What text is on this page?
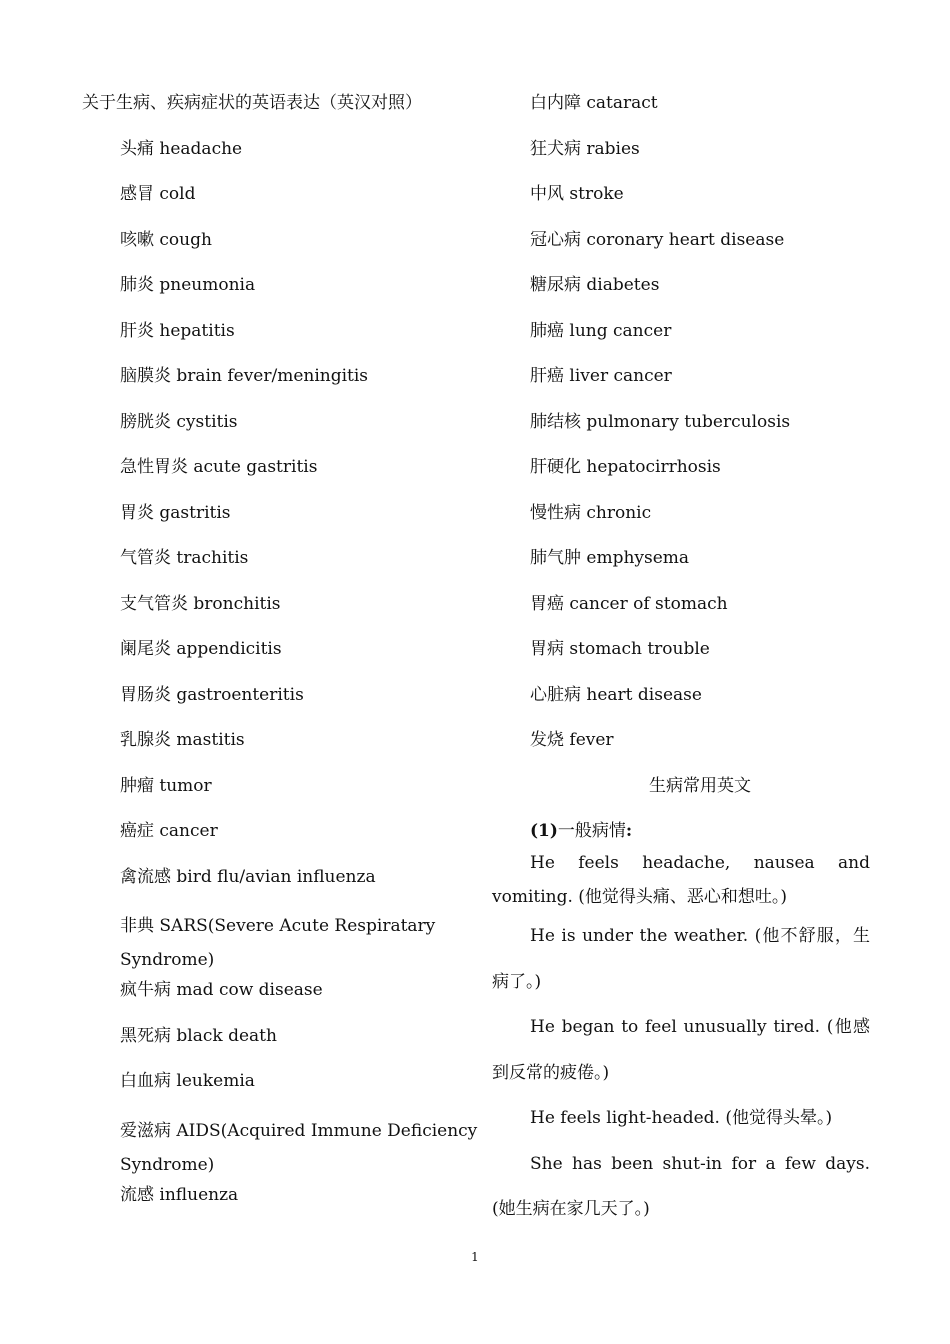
关于生病、疾病症状的英语表达（英汉对照）
头痛 headache
感冒 cold
咳嗽 cough
肺炎 pneumonia
肝炎 hepatitis
脑膜炎 brain fever/meningitis
膀胱炎 cystitis
急性胃炎 acute gastritis
胃炎 gastritis
气管炎 trachitis
支气管炎 bronchitis
阑尾炎 appendicitis
胃肠炎 gastroenteritis
乳腺炎 mastitis
肿瘤 tumor
癌症 cancer
禽流感 bird flu/avian influenza
非典 SARS(Severe Acute Respiratary Syndrome)
疯牛病 mad cow disease
黑死病 black death
白血病 leukemia
爱滋病 AIDS(Acquired Immune Deficiency Syndrome)
流感 influenza
白内障 cataract
狂犬病 rabies
中风 stroke
冠心病 coronary heart disease
糖尿病 diabetes
肺癌 lung cancer
肝癌 liver cancer
肺结核 pulmonary tuberculosis
肝硬化 hepatocirrhosis
慢性病 chronic
肺气肿 emphysema
胃癌 cancer of stomach
胃病 stomach trouble
心脏病 heart disease
发烧 fever
生病常用英文
(1)一般病情:

He feels headache, nausea and vomiting. (他觉得头痛、恶心和想吐。)

He is under the weather. (他不舒服，生病了。)

He began to feel unusually tired. (他感到反常的疲倦。)

He feels light-headed. (他觉得头晕。)

She has been shut-in for a few days. (她生病在家几天了。)

1
